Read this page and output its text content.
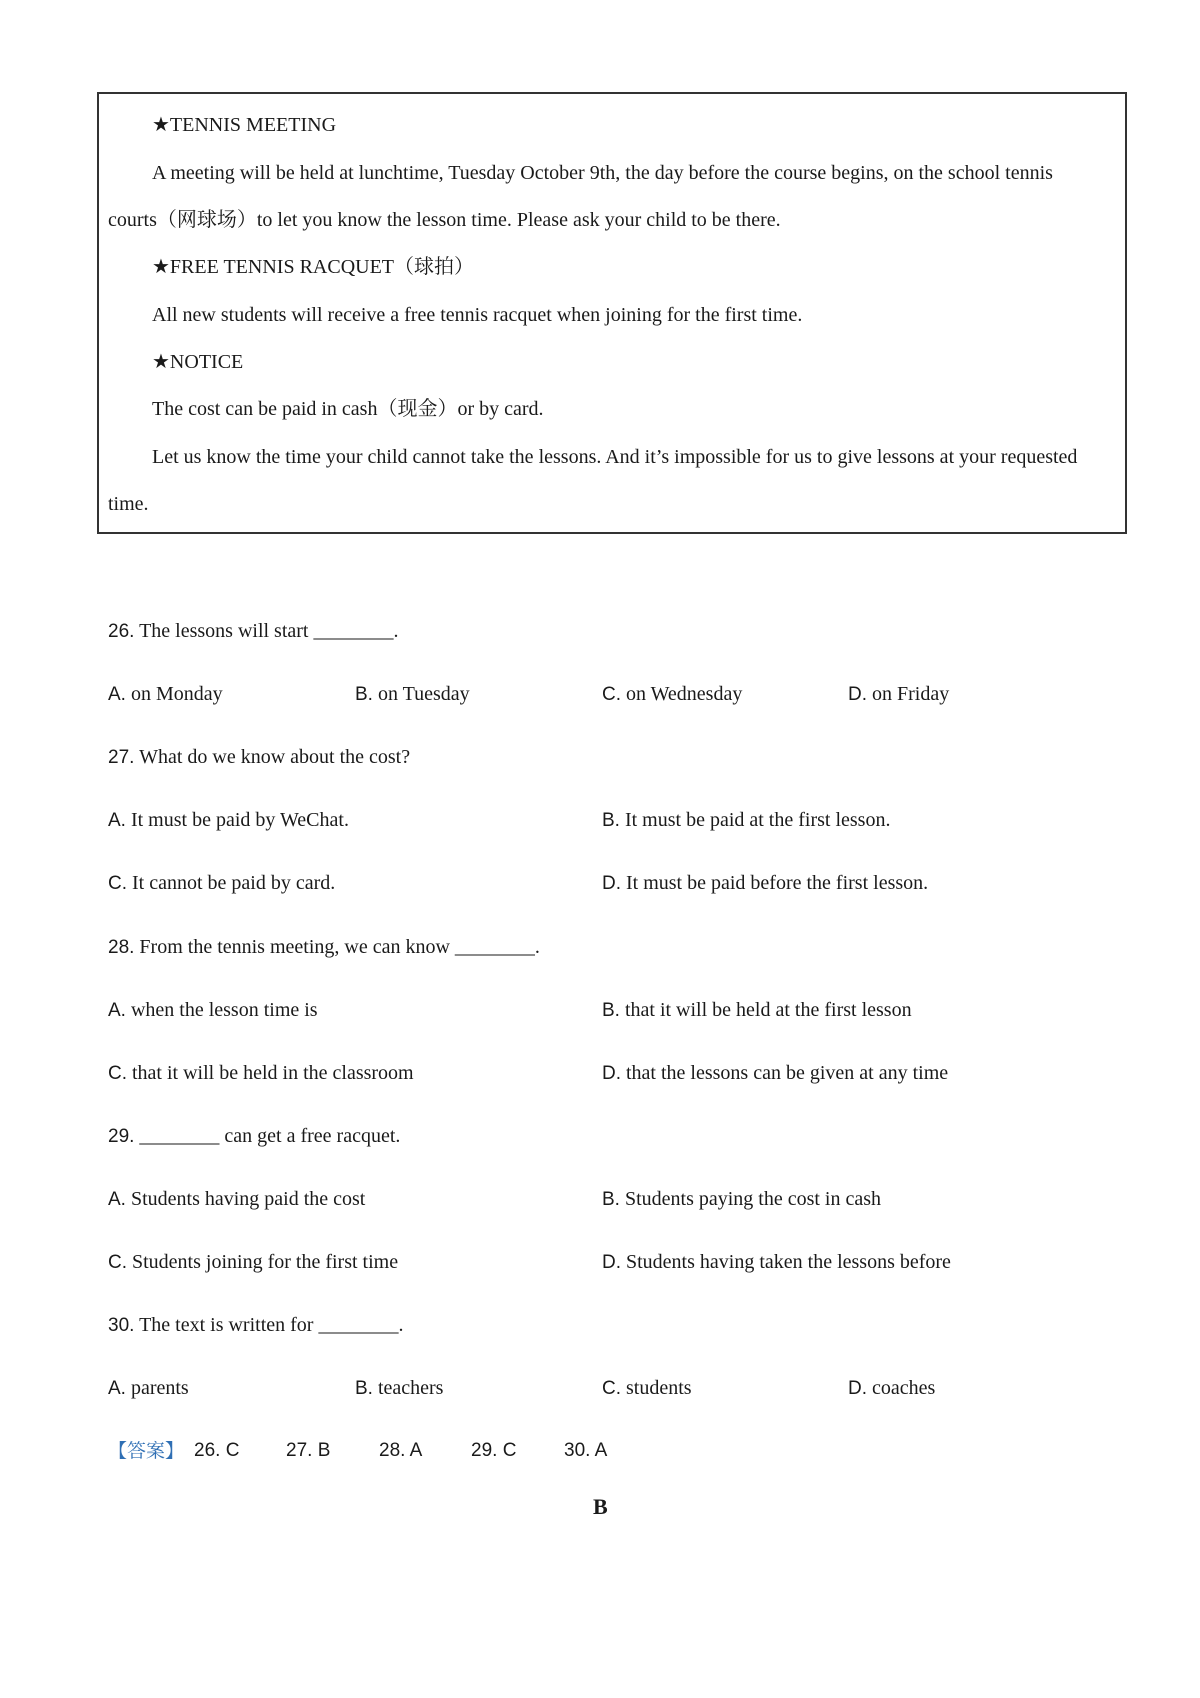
★TENNIS MEETING
A meeting will be held at lunchtime, Tuesday October 9th, the day before the course begins, on the school tennis
courts（网球场）to let you know the lesson time. Please ask your child to be there.
★FREE TENNIS RACQUET（球拍）
All new students will receive a free tennis racquet when joining for the first time.
★NOTICE
The cost can be paid in cash（现金）or by card.
Let us know the time your child cannot take the lessons. And it’s impossible for us to give lessons at your requested
time.
26. The lessons will start ________.
A. on Monday	B. on Tuesday	C. on Wednesday	D. on Friday
27. What do we know about the cost?
A. It must be paid by WeChat.	B. It must be paid at the first lesson.
C. It cannot be paid by card.	D. It must be paid before the first lesson.
28. From the tennis meeting, we can know ________.
A. when the lesson time is	B. that it will be held at the first lesson
C. that it will be held in the classroom	D. that the lessons can be given at any time
29. ________ can get a free racquet.
A. Students having paid the cost	B. Students paying the cost in cash
C. Students joining for the first time	D. Students having taken the lessons before
30. The text is written for ________.
A. parents	B. teachers	C. students	D. coaches
【答案】 26. C 27. B	28. A	29. C	30. A
B
